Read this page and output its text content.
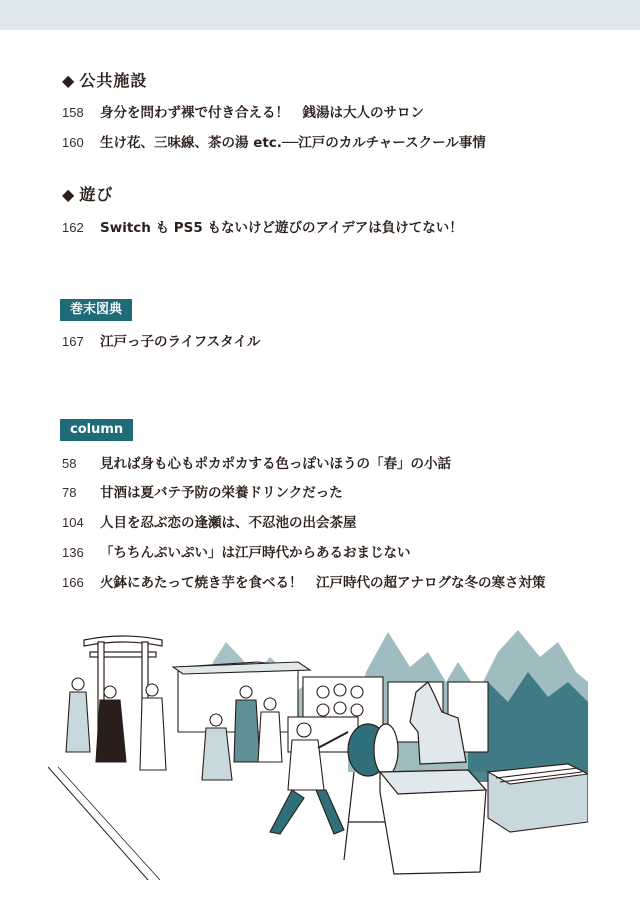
◆ 公共施設
158 身分を問わず裸で付き合える！　銭湯は大人のサロン
160 生け花、三味線、茶の湯 etc.──江戸のカルチャースクール事情
◆ 遊び
162 Switch も PS5 もないけど遊びのアイデアは負けてない！
巻末図典
167 江戸っ子のライフスタイル
column
58 見れば身も心もポカポカする色っぽいほうの「春」の小話
78 甘酒は夏バテ予防の栄養ドリンクだった
104 人目を忍ぶ恋の逢瀬は、不忍池の出会茶屋
136 「ちちんぷいぷい」は江戸時代からあるおまじない
166 火鉢にあたって焼き芋を食べる！　江戸時代の超アナログな冬の寒さ対策
